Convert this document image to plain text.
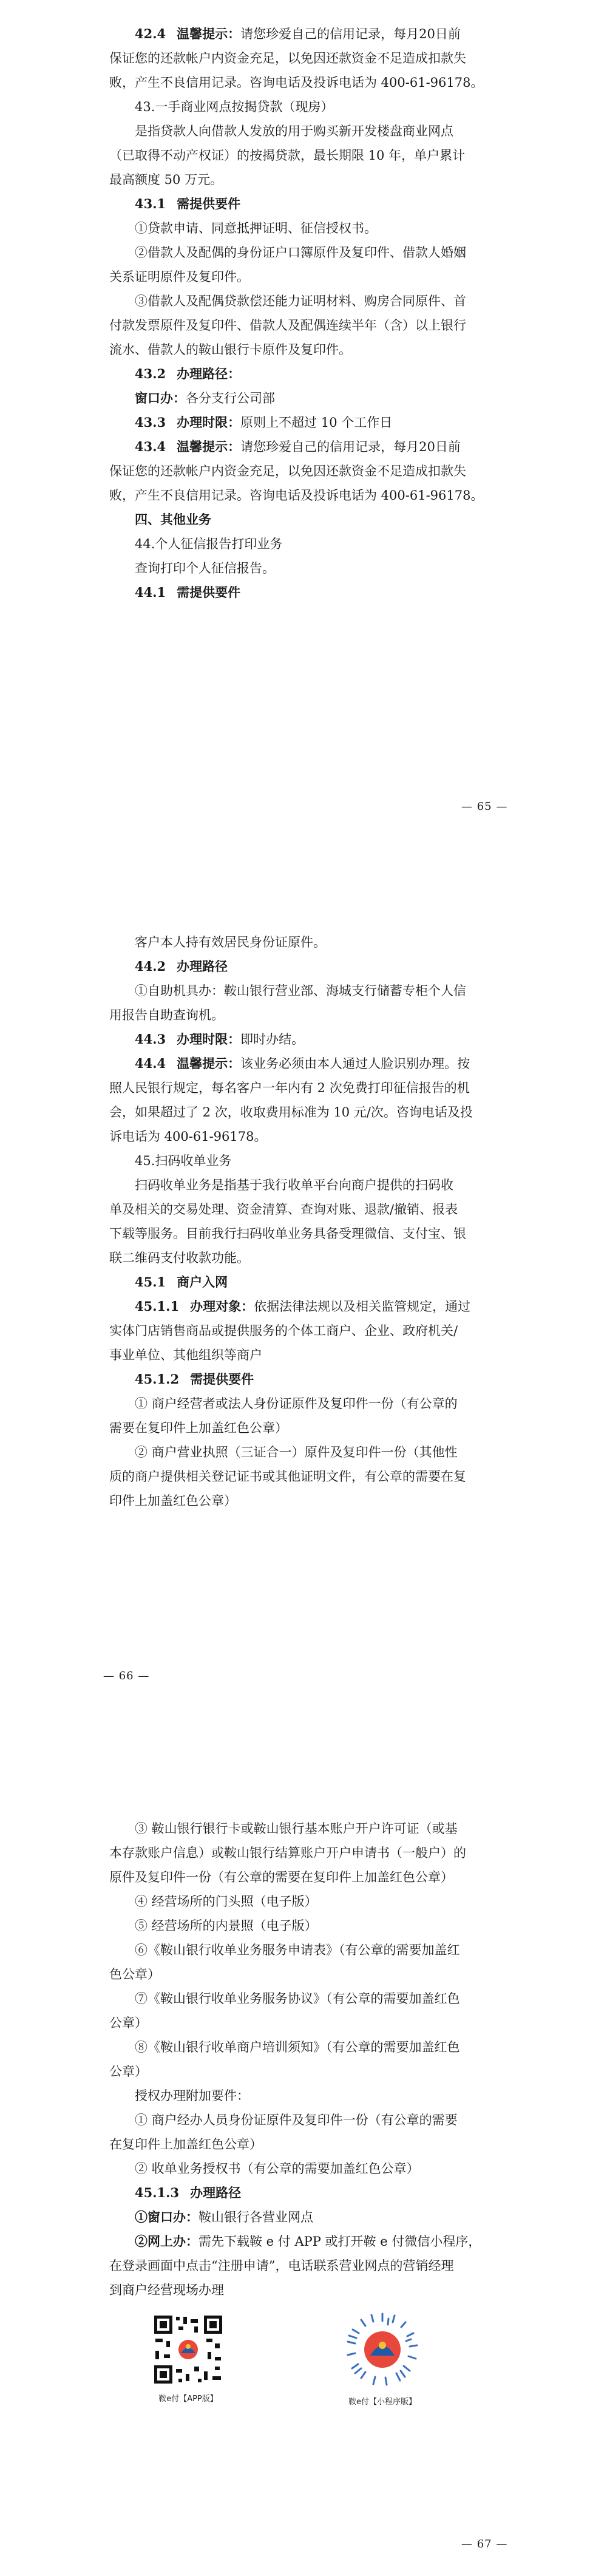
42.4 温馨提示：请您珍爱自己的信用记录，每月20日前
保证您的还款帐户内资金充足，以免因还款资金不足造成扣款失
败，产生不良信用记录。咨询电话及投诉电话为 400-61-96178。
43.一手商业网点按揭贷款（现房）
是指贷款人向借款人发放的用于购买新开发楼盘商业网点
（已取得不动产权证）的按揭贷款，最长期限 10 年，单户累计
最高额度 50 万元。
43.1 需提供要件
①贷款申请、同意抵押证明、征信授权书。
②借款人及配偶的身份证户口簿原件及复印件、借款人婚姻
关系证明原件及复印件。
③借款人及配偶贷款偿还能力证明材料、购房合同原件、首
付款发票原件及复印件、借款人及配偶连续半年（含）以上银行
流水、借款人的鞍山银行卡原件及复印件。
43.2 办理路径：
窗口办：各分支行公司部
43.3 办理时限：原则上不超过 10 个工作日
43.4 温馨提示：请您珍爱自己的信用记录，每月20日前
保证您的还款帐户内资金充足，以免因还款资金不足造成扣款失
败，产生不良信用记录。咨询电话及投诉电话为 400-61-96178。
四、其他业务
44.个人征信报告打印业务
查询打印个人征信报告。
44.1 需提供要件
— 65 —
客户本人持有效居民身份证原件。
44.2 办理路径
①自助机具办：鞍山银行营业部、海城支行储蓄专柜个人信
用报告自助查询机。
44.3 办理时限：即时办结。
44.4 温馨提示：该业务必须由本人通过人脸识别办理。按
照人民银行规定，每名客户一年内有 2 次免费打印征信报告的机
会，如果超过了 2 次，收取费用标准为 10 元/次。咨询电话及投
诉电话为 400-61-96178。
45.扫码收单业务
扫码收单业务是指基于我行收单平台向商户提供的扫码收
单及相关的交易处理、资金清算、查询对账、退款/撤销、报表
下载等服务。目前我行扫码收单业务具备受理微信、支付宝、银
联二维码支付收款功能。
45.1 商户入网
45.1.1 办理对象：依据法律法规以及相关监管规定，通过
实体门店销售商品或提供服务的个体工商户、企业、政府机关/
事业单位、其他组织等商户
45.1.2 需提供要件
① 商户经营者或法人身份证原件及复印件一份（有公章的
需要在复印件上加盖红色公章）
② 商户营业执照（三证合一）原件及复印件一份（其他性
质的商户提供相关登记证书或其他证明文件，有公章的需要在复
印件上加盖红色公章）
— 66 —
③ 鞍山银行银行卡或鞍山银行基本账户开户许可证（或基
本存款账户信息）或鞍山银行结算账户开户申请书（一般户）的
原件及复印件一份（有公章的需要在复印件上加盖红色公章）
④ 经营场所的门头照（电子版）
⑤ 经营场所的内景照（电子版）
⑥《鞍山银行收单业务服务申请表》（有公章的需要加盖红
色公章）
⑦《鞍山银行收单业务服务协议》（有公章的需要加盖红色
公章）
⑧《鞍山银行收单商户培训须知》（有公章的需要加盖红色
公章）
授权办理附加要件：
① 商户经办人员身份证原件及复印件一份（有公章的需要
在复印件上加盖红色公章）
② 收单业务授权书（有公章的需要加盖红色公章）
45.1.3 办理路径
①窗口办：鞍山银行各营业网点
②网上办：需先下载鞍 e 付 APP 或打开鞍 e 付微信小程序，
在登录画面中点击“注册申请”，电话联系营业网点的营销经理
到商户经营现场办理
鞍e付【APP版】	鞍e付【小程序版】
— 67 —
